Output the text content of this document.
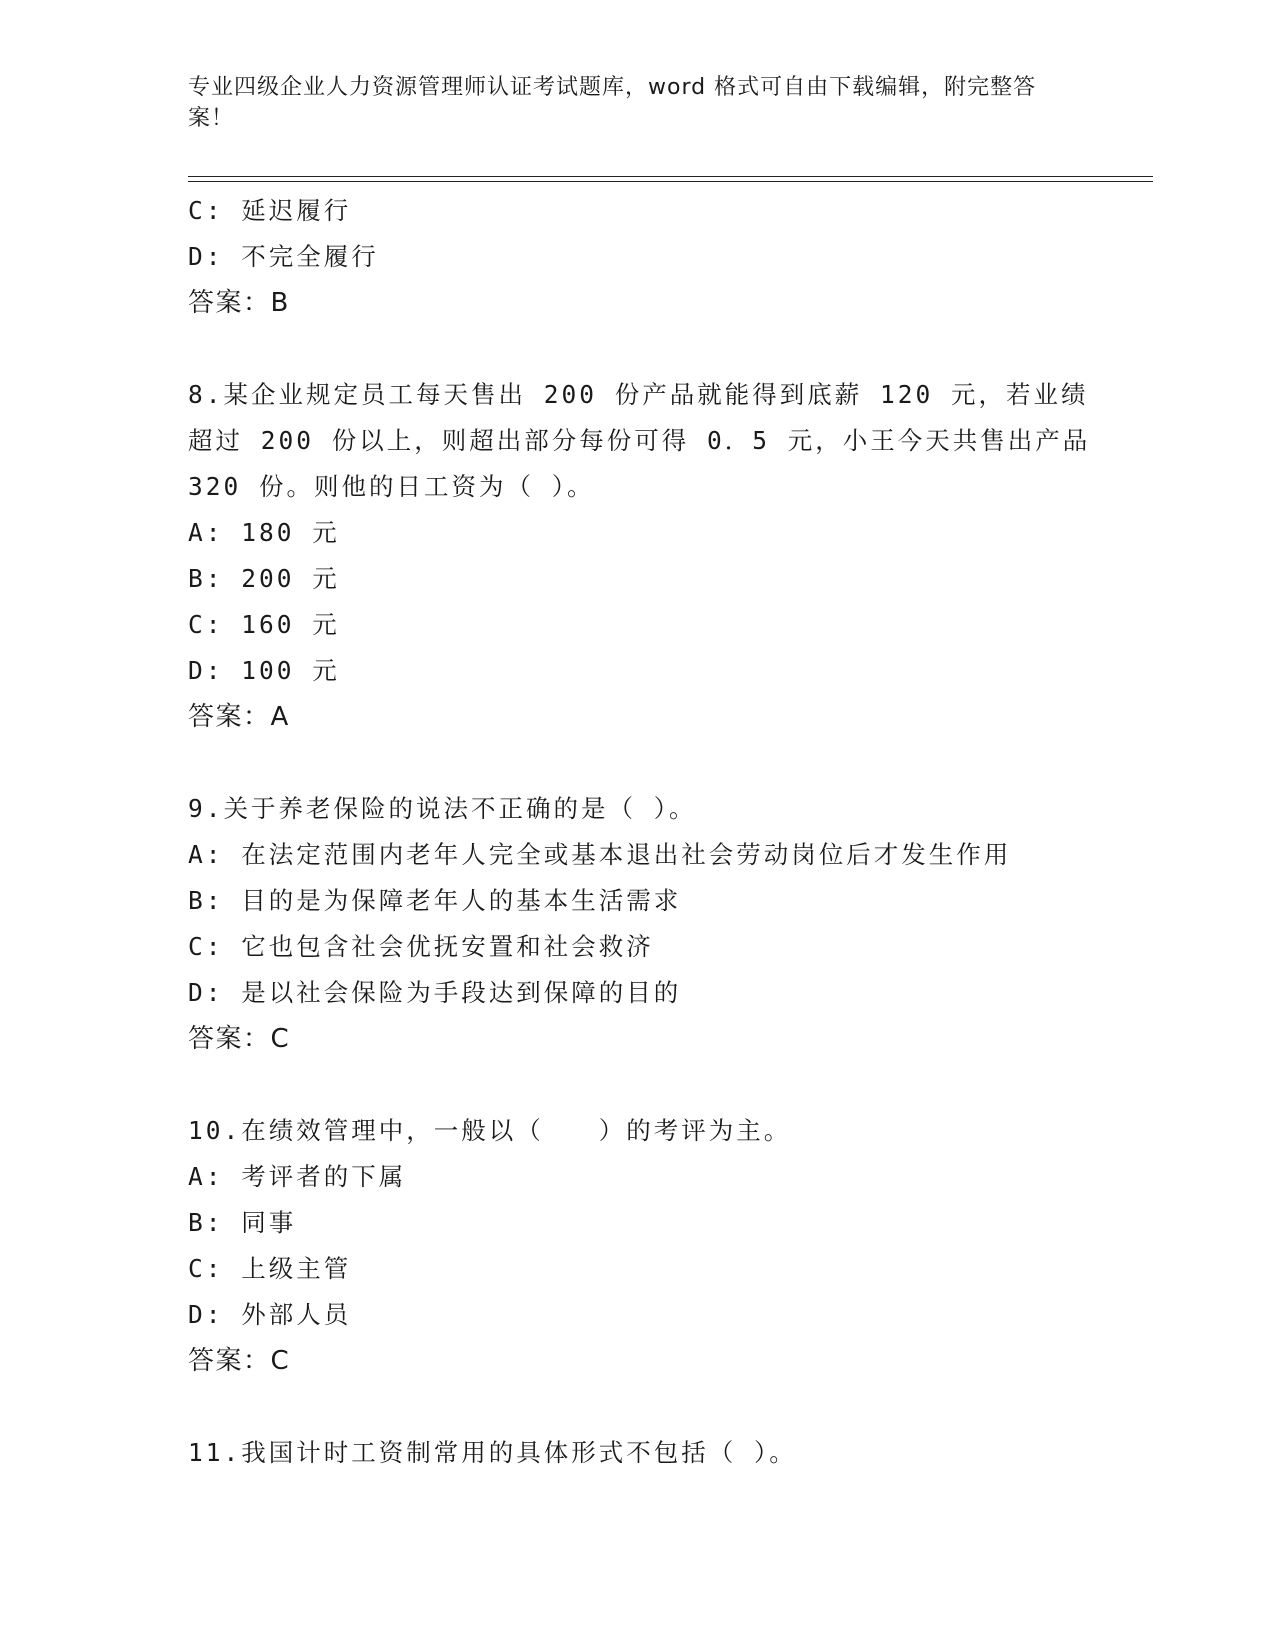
专业四级企业人力资源管理师认证考试题库，word 格式可自由下载编辑，附完整答案！
C: 延迟履行
D: 不完全履行
答案：B
8.某企业规定员工每天售出 200 份产品就能得到底薪 120 元，若业绩
超过 200 份以上，则超出部分每份可得 0．5 元，小王今天共售出产品
320 份。则他的日工资为（ ）。
A: 180 元
B: 200 元
C: 160 元
D: 100 元
答案：A
9.关于养老保险的说法不正确的是（ ）。
A: 在法定范围内老年人完全或基本退出社会劳动岗位后才发生作用
B: 目的是为保障老年人的基本生活需求
C: 它也包含社会优抚安置和社会救济
D: 是以社会保险为手段达到保障的目的
答案：C
10.在绩效管理中，一般以（　　）的考评为主。
A: 考评者的下属
B: 同事
C: 上级主管
D: 外部人员
答案：C
11.我国计时工资制常用的具体形式不包括（ ）。
